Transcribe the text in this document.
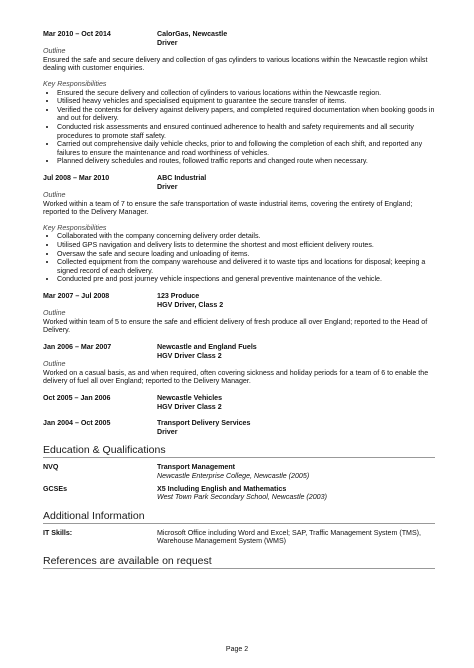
Mar 2010 – Oct 2014	CalorGas, Newcastle
Driver
Outline

Ensured the safe and secure delivery and collection of gas cylinders to various locations within the Newcastle region whilst dealing with customer enquiries.

Key Responsibilities
• Ensured the secure delivery and collection of cylinders to various locations within the Newcastle region.
• Utilised heavy vehicles and specialised equipment to guarantee the secure transfer of items.
• Verified the contents for delivery against delivery papers, and completed required documentation when booking goods in and out for delivery.
• Conducted risk assessments and ensured continued adherence to health and safety requirements and all security procedures to promote staff safety.
• Carried out comprehensive daily vehicle checks, prior to and following the completion of each shift, and reported any failures to ensure the maintenance and road worthiness of vehicles.
• Planned delivery schedules and routes, followed traffic reports and changed route when necessary.
Jul 2008 – Mar 2010	ABC Industrial
Driver
Outline

Worked within a team of 7 to ensure the safe transportation of waste industrial items, covering the entirety of England; reported to the Delivery Manager.

Key Responsibilities
• Collaborated with the company concerning delivery order details.
• Utilised GPS navigation and delivery lists to determine the shortest and most efficient delivery routes.
• Oversaw the safe and secure loading and unloading of items.
• Collected equipment from the company warehouse and delivered it to waste tips and locations for disposal; keeping a signed record of each delivery.
• Conducted pre and post journey vehicle inspections and general preventive maintenance of the vehicle.
Mar 2007 – Jul 2008	123 Produce
HGV Driver, Class 2
Outline

Worked within team of 5 to ensure the safe and efficient delivery of fresh produce all over England; reported to the Head of Delivery.

Jan 2006 – Mar 2007	Newcastle and England Fuels
HGV Driver Class 2
Outline

Worked on a casual basis, as and when required, often covering sickness and holiday periods for a team of 6 to enable the delivery of fuel all over England; reported to the Delivery Manager.

Oct 2005 – Jan 2006	Newcastle Vehicles
HGV Driver Class 2
Jan 2004 – Oct 2005	Transport Delivery Services
Driver
Education & Qualifications
NVQ	Transport Management
Newcastle Enterprise College, Newcastle (2005)
GCSEs	X5 Including English and Mathematics
West Town Park Secondary School, Newcastle (2003)
Additional Information
IT Skills:	Microsoft Office including Word and Excel; SAP, Traffic Management System (TMS), Warehouse Management System (WMS)
References are available on request
Page 2
